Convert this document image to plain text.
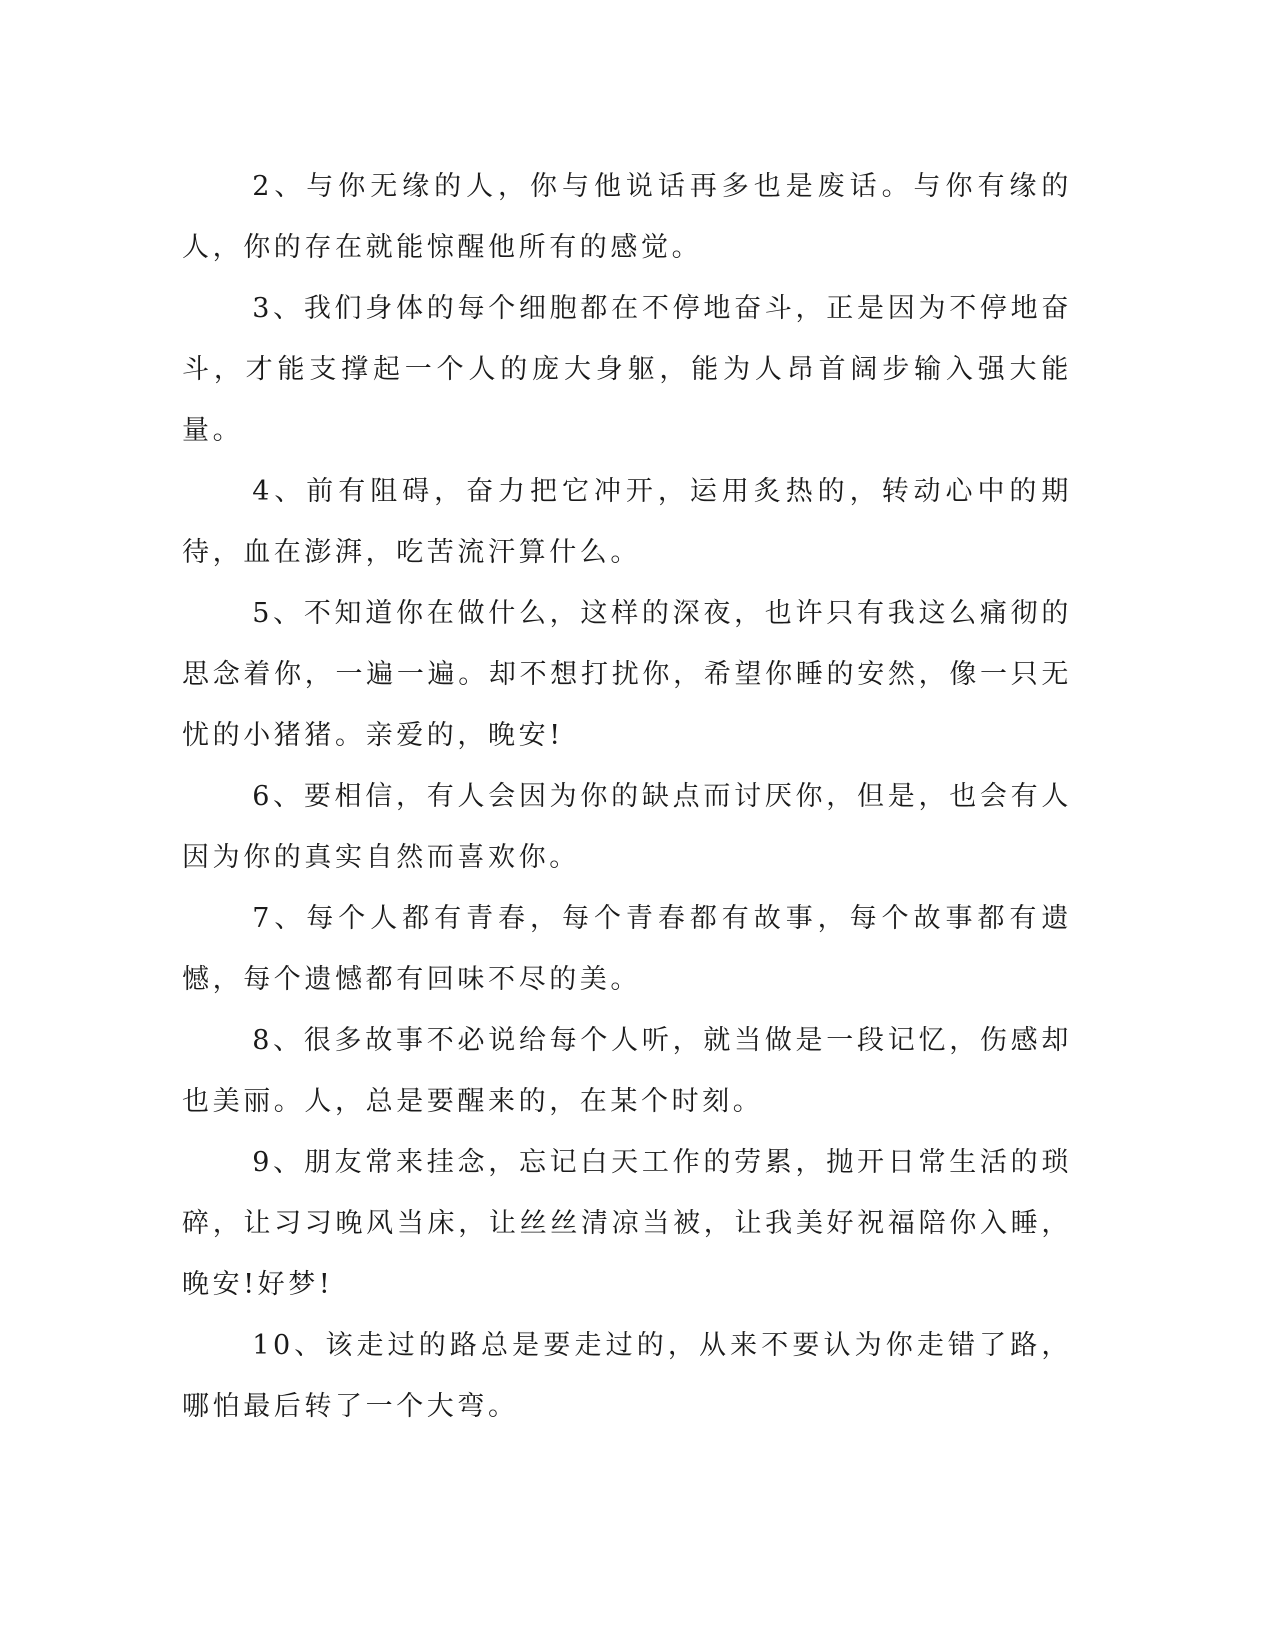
2、与你无缘的人，你与他说话再多也是废话。与你有缘的人，你的存在就能惊醒他所有的感觉。

3、我们身体的每个细胞都在不停地奋斗，正是因为不停地奋斗，才能支撑起一个人的庞大身躯，能为人昂首阔步输入强大能量。

4、前有阻碍，奋力把它冲开，运用炙热的，转动心中的期待，血在澎湃，吃苦流汗算什么。

5、不知道你在做什么，这样的深夜，也许只有我这么痛彻的思念着你，一遍一遍。却不想打扰你，希望你睡的安然，像一只无忧的小猪猪。亲爱的，晚安!

6、要相信，有人会因为你的缺点而讨厌你，但是，也会有人因为你的真实自然而喜欢你。

7、每个人都有青春，每个青春都有故事，每个故事都有遗憾，每个遗憾都有回味不尽的美。

8、很多故事不必说给每个人听，就当做是一段记忆，伤感却也美丽。人，总是要醒来的，在某个时刻。

9、朋友常来挂念，忘记白天工作的劳累，抛开日常生活的琐碎，让习习晚风当床，让丝丝清凉当被，让我美好祝福陪你入睡，晚安!好梦!

10、该走过的路总是要走过的，从来不要认为你走错了路，哪怕最后转了一个大弯。
